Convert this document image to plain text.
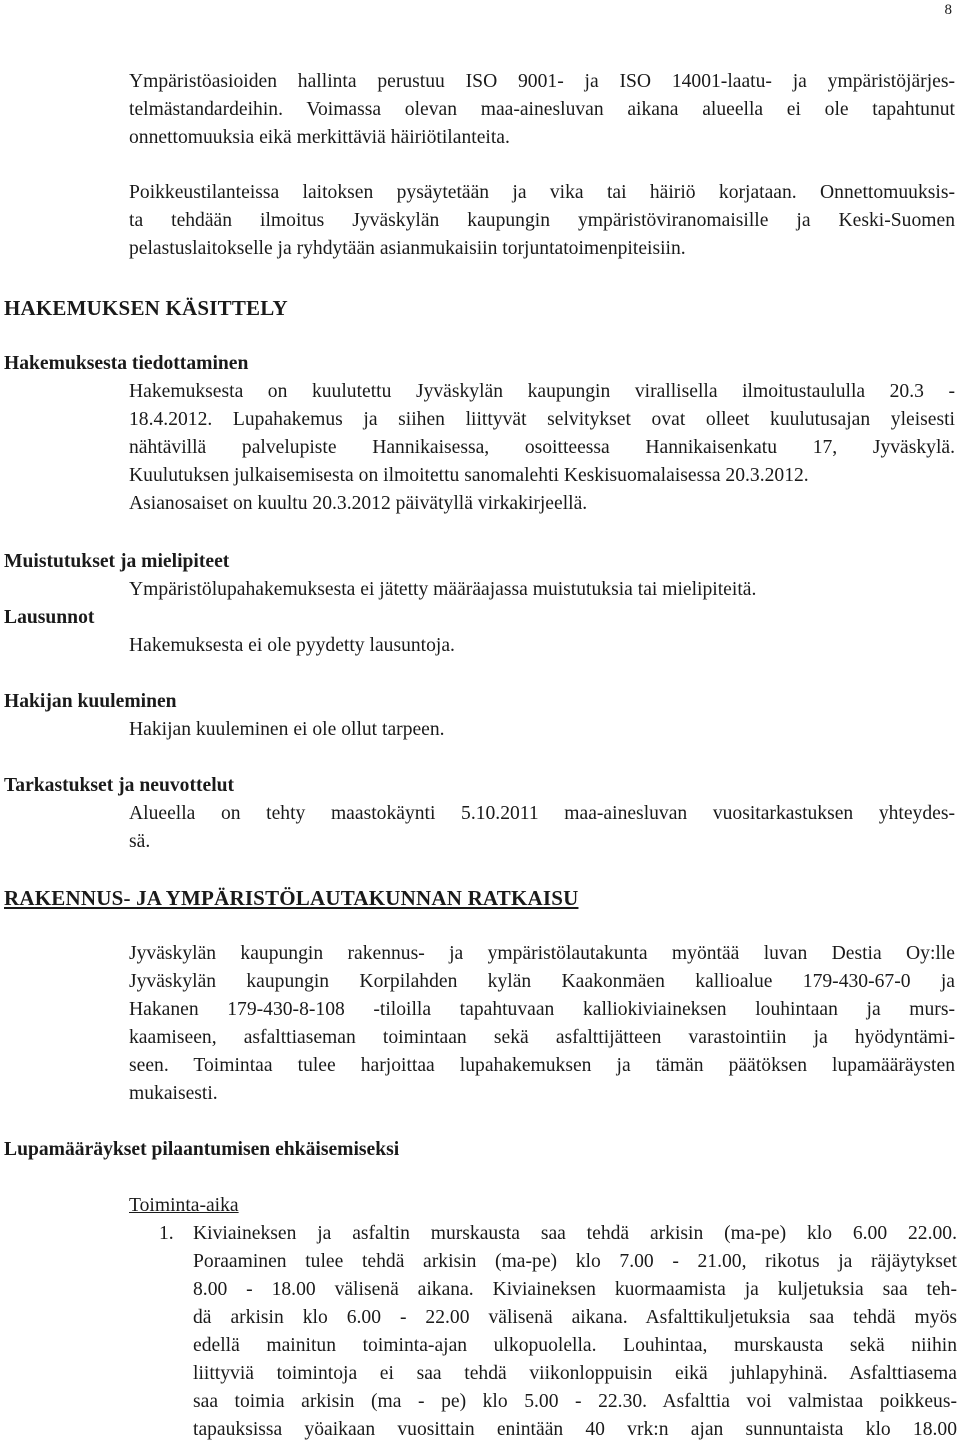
8
Ympäristöasioiden hallinta perustuu ISO 9001- ja ISO 14001-laatu- ja ympäristöjärjes-
telmästandardeihin. Voimassa olevan maa-ainesluvan aikana alueella ei ole tapahtunut
onnettomuuksia eikä merkittäviä häiriötilanteita.
Poikkeustilanteissa laitoksen pysäytetään ja vika tai häiriö korjataan. Onnettomuuksis-
ta tehdään ilmoitus Jyväskylän kaupungin ympäristöviranomaisille ja Keski-Suomen
pelastuslaitokselle ja ryhdytään asianmukaisiin torjuntatoimenpiteisiin.
HAKEMUKSEN KÄSITTELY
Hakemuksesta tiedottaminen
Hakemuksesta on kuulutettu Jyväskylän kaupungin virallisella ilmoitustaululla 20.3 -
18.4.2012. Lupahakemus ja siihen liittyvät selvitykset ovat olleet kuulutusajan yleisesti
nähtävillä palvelupiste Hannikaisessa, osoitteessa Hannikaisenkatu 17, Jyväskylä.
Kuulutuksen julkaisemisesta on ilmoitettu sanomalehti Keskisuomalaisessa 20.3.2012.
Asianosaiset on kuultu 20.3.2012 päivätyllä virkakirjeellä.
Muistutukset ja mielipiteet
Ympäristölupahakemuksesta ei jätetty määräajassa muistutuksia tai mielipiteitä.
Lausunnot
Hakemuksesta ei ole pyydetty lausuntoja.
Hakijan kuuleminen
Hakijan kuuleminen ei ole ollut tarpeen.
Tarkastukset ja neuvottelut
Alueella on tehty maastokäynti 5.10.2011 maa-ainesluvan vuositarkastuksen yhteydes-
sä.
RAKENNUS- JA YMPÄRISTÖLAUTAKUNNAN RATKAISU
Jyväskylän kaupungin rakennus- ja ympäristölautakunta myöntää luvan Destia Oy:lle
Jyväskylän kaupungin Korpilahden kylän Kaakonmäen kallioalue 179-430-67-0 ja
Hakanen 179-430-8-108 -tiloilla tapahtuvaan kalliokiviaineksen louhintaan ja murs-
kaamiseen, asfalttiaseman toimintaan sekä asfalttijätteen varastointiin ja hyödyntämi-
seen. Toimintaa tulee harjoittaa lupahakemuksen ja tämän päätöksen lupamääräysten
mukaisesti.
Lupamääräykset pilaantumisen ehkäisemiseksi
Toiminta-aika
1. Kiviaineksen ja asfaltin murskausta saa tehdä arkisin (ma-pe) klo 6.00 22.00.
Poraaminen tulee tehdä arkisin (ma-pe) klo 7.00 - 21.00, rikotus ja räjäytykset
8.00 - 18.00 välisenä aikana. Kiviaineksen kuormaamista ja kuljetuksia saa teh-
dä arkisin klo 6.00 - 22.00 välisenä aikana. Asfalttikuljetuksia saa tehdä myös
edellä mainitun toiminta-ajan ulkopuolella. Louhintaa, murskausta sekä niihin
liittyviä toimintoja ei saa tehdä viikonloppuisin eikä juhlapyhinä. Asfalttiasema
saa toimia arkisin (ma - pe) klo 5.00 - 22.30. Asfalttia voi valmistaa poikkeus-
tapauksissa yöaikaan vuosittain enintään 40 vrk:n ajan sunnuntaista klo 18.00
